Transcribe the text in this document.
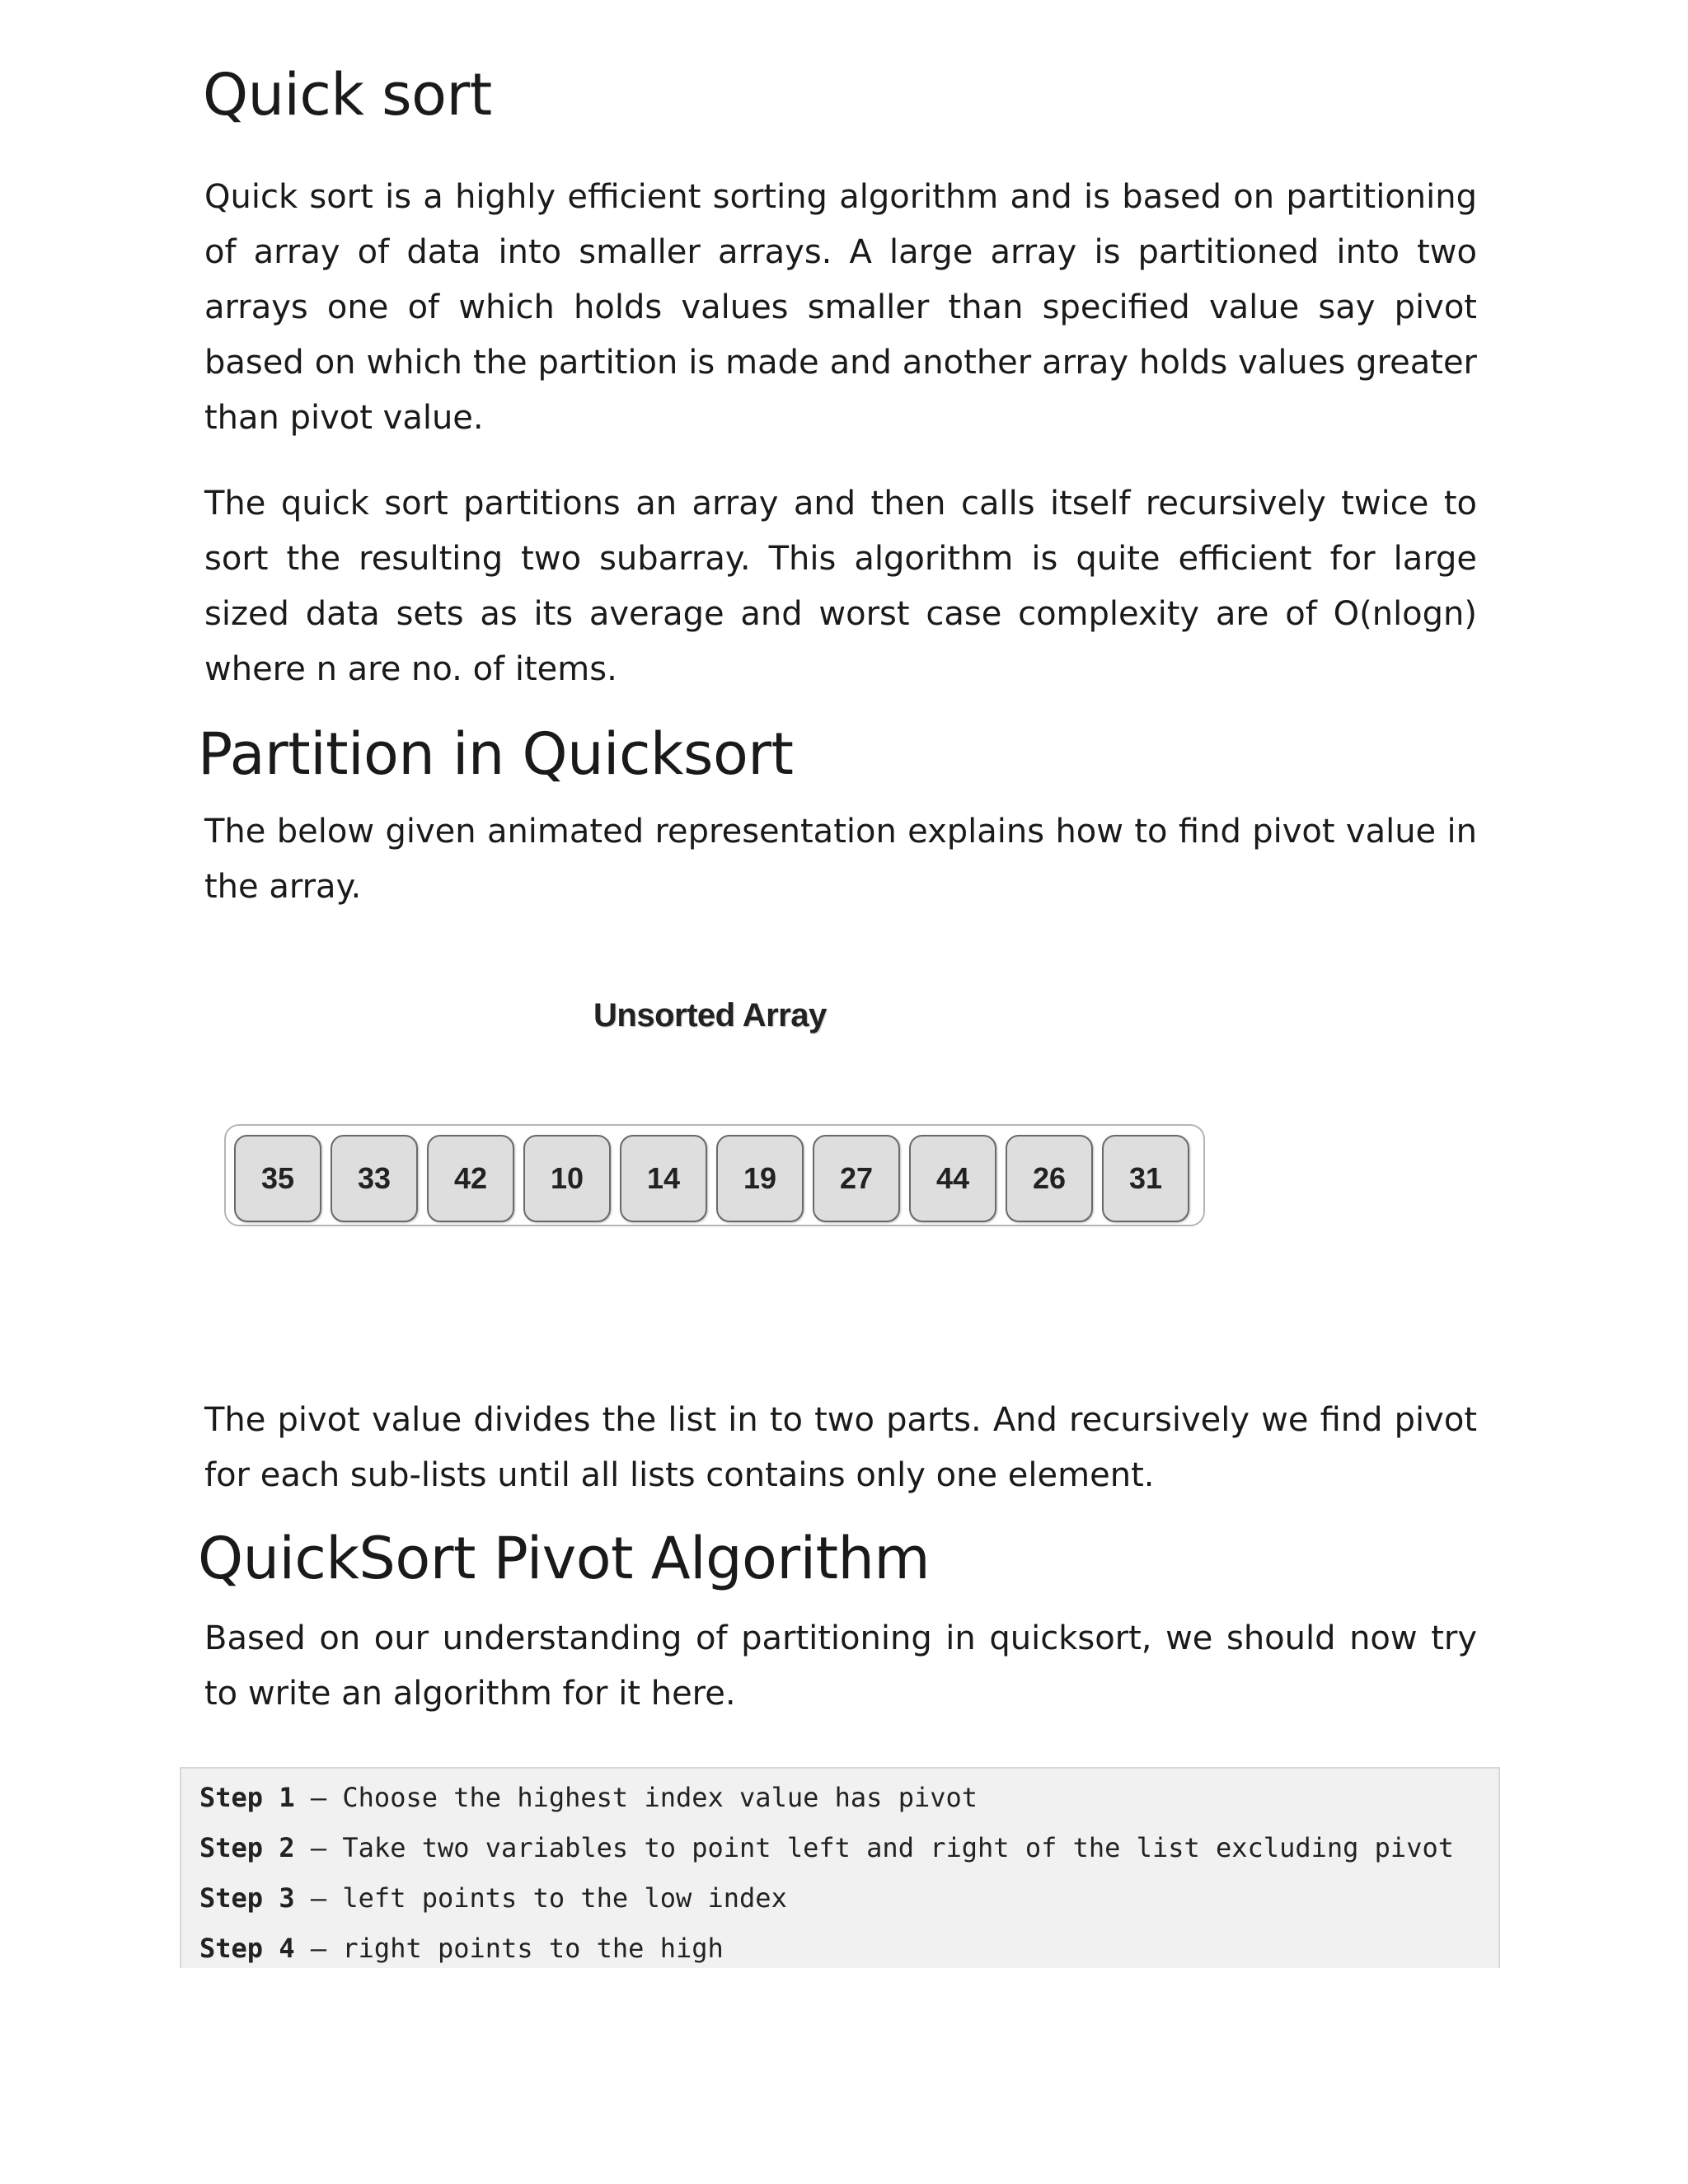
Quick sort

Quick sort is a highly efficient sorting algorithm and is based on partitioning of array of data into smaller arrays. A large array is partitioned into two arrays one of which holds values smaller than specified value say pivot based on which the partition is made and another array holds values greater than pivot value.

The quick sort partitions an array and then calls itself recursively twice to sort the resulting two subarray. This algorithm is quite efficient for large sized data sets as its average and worst case complexity are of O(nlogn) where n are no. of items.

Partition in Quicksort

The below given animated representation explains how to find pivot value in the array.

Unsorted Array
35	33	42	10	14	19	27	44	26	31

The pivot value divides the list in to two parts. And recursively we find pivot for each sub-lists until all lists contains only one element.

QuickSort Pivot Algorithm

Based on our understanding of partitioning in quicksort, we should now try to write an algorithm for it here.

Step 1 – Choose the highest index value has pivot
Step 2 – Take two variables to point left and right of the list excluding pivot
Step 3 – left points to the low index
Step 4 – right points to the high
